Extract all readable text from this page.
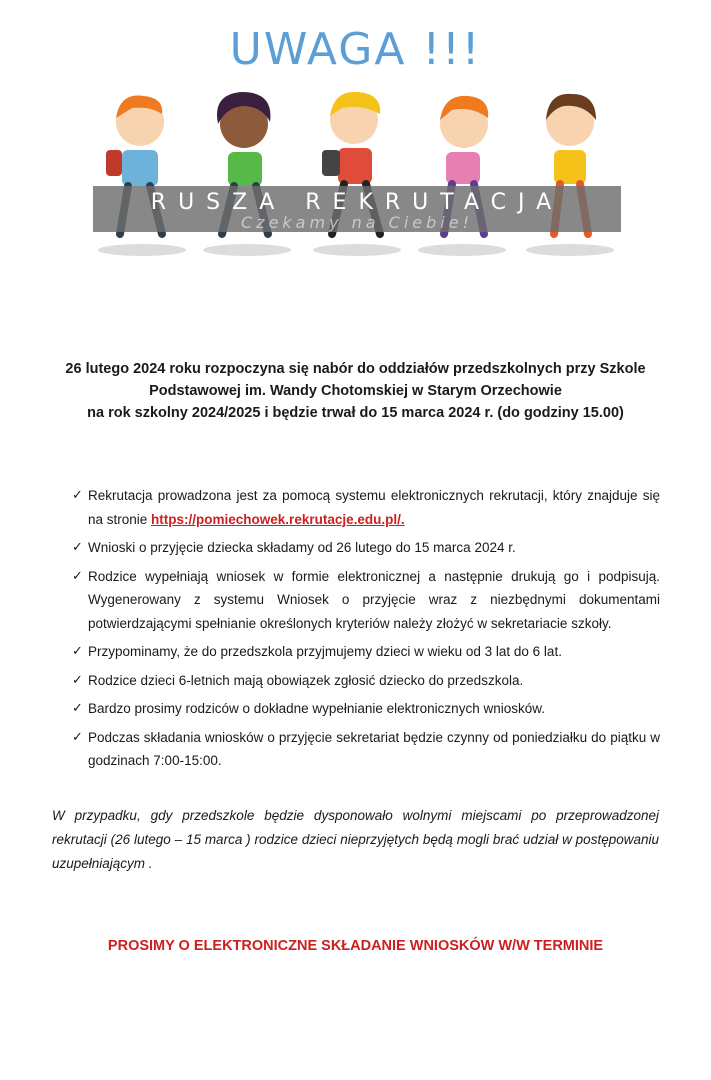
UWAGA !!!
RUSZA REKRUTACJA
Czekamy na Ciebie!
26 lutego 2024 roku rozpoczyna się nabór do oddziałów przedszkolnych przy Szkole
Podstawowej im. Wandy Chotomskiej w Starym Orzechowie
na rok szkolny 2024/2025 i będzie trwał do 15 marca 2024 r. (do godziny 15.00)
✓ Rekrutacja prowadzona jest za pomocą systemu elektronicznych rekrutacji, który znajduje się na stronie https://pomiechowek.rekrutacje.edu.pl/.
✓ Wnioski o przyjęcie dziecka składamy od 26 lutego do 15 marca 2024 r.
✓ Rodzice wypełniają wniosek w formie elektronicznej a następnie drukują go i podpisują. Wygenerowany z systemu Wniosek o przyjęcie wraz z niezbędnymi dokumentami potwierdzającymi spełnianie określonych kryteriów należy złożyć w sekretariacie szkoły.
✓ Przypominamy, że do przedszkola przyjmujemy dzieci w wieku od 3 lat do 6 lat.
✓ Rodzice dzieci 6-letnich mają obowiązek zgłosić dziecko do przedszkola.
✓ Bardzo prosimy rodziców o dokładne wypełnianie elektronicznych wniosków.
✓ Podczas składania wniosków o przyjęcie sekretariat będzie czynny od poniedziałku do piątku w godzinach 7:00-15:00.
W przypadku, gdy przedszkole będzie dysponowało wolnymi miejscami po przeprowadzonej rekrutacji (26 lutego – 15 marca ) rodzice dzieci nieprzyjętych będą mogli brać udział w postępowaniu uzupełniającym .
PROSIMY O ELEKTRONICZNE SKŁADANIE WNIOSKÓW W/W TERMINIE
